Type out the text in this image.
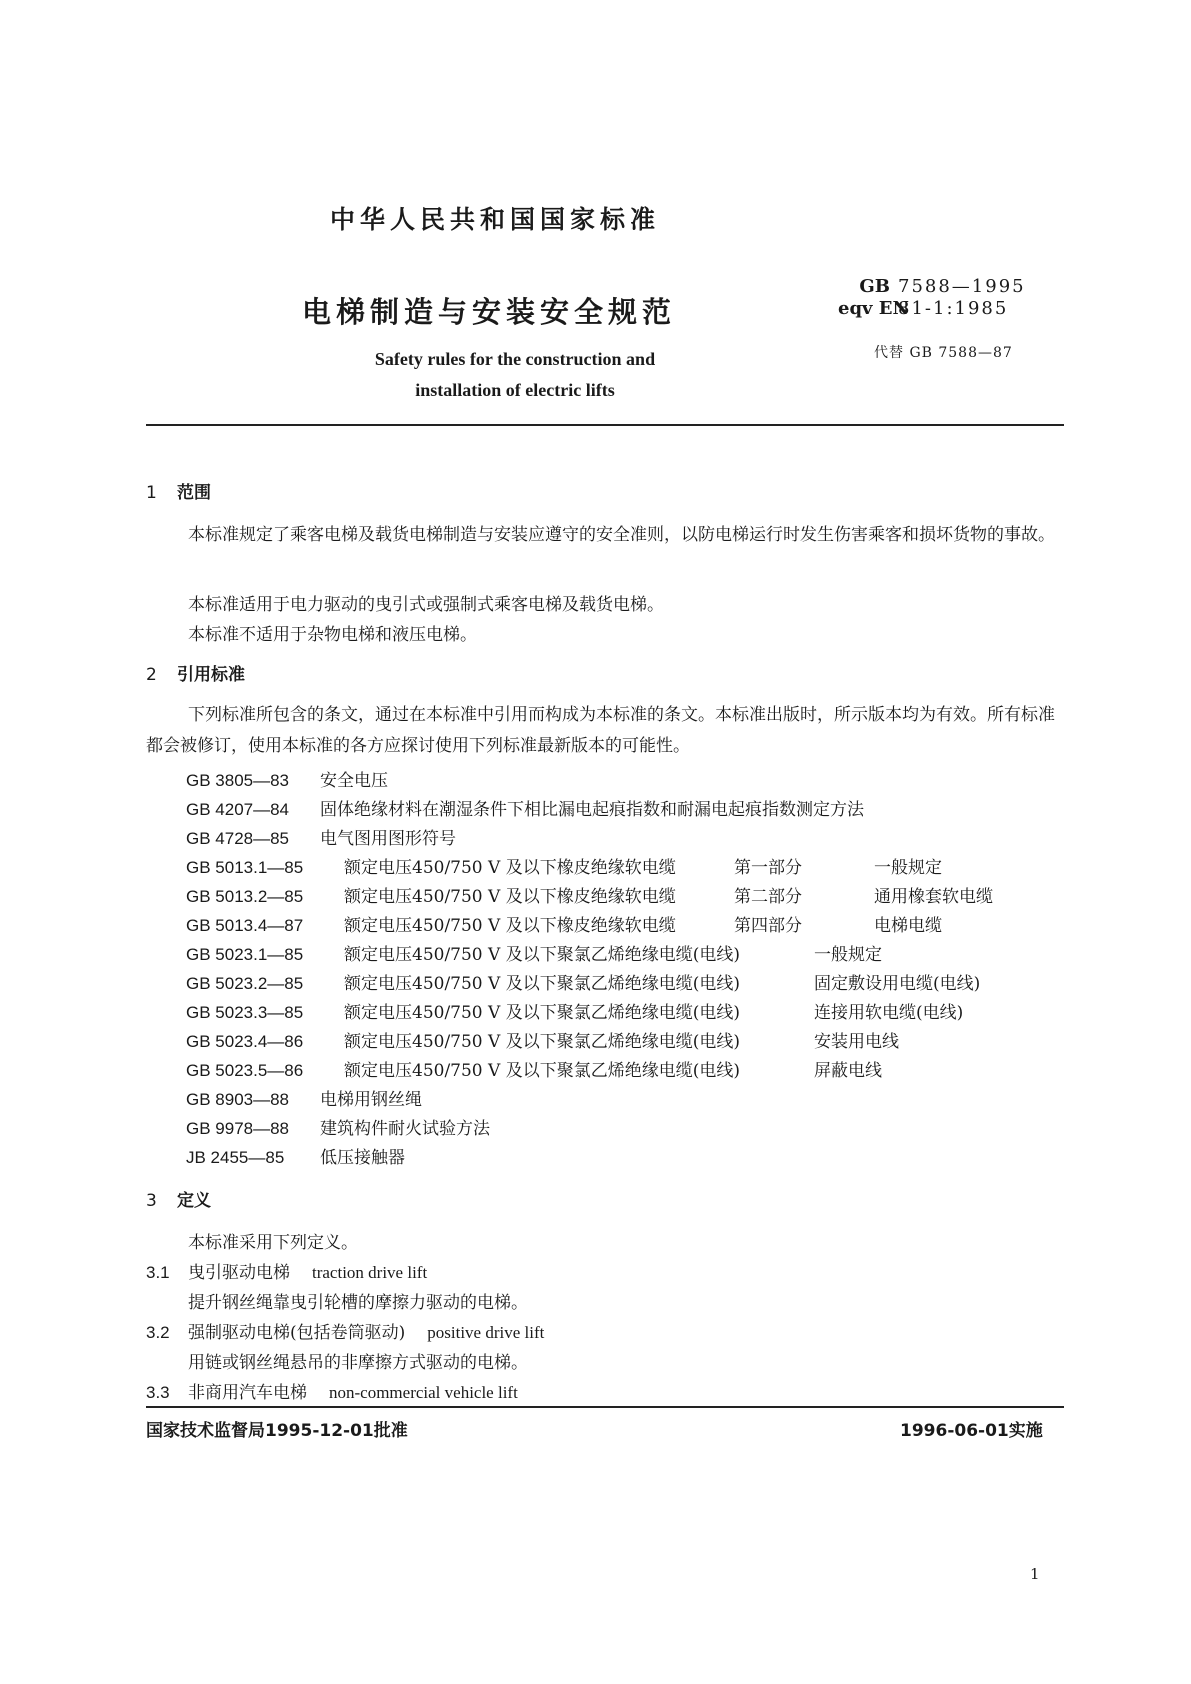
中华人民共和国国家标准
电梯制造与安装安全规范
Safety rules for the construction and
installation of electric lifts
GB 7588—1995
eqv EN81-1:1985
代替 GB 7588—87
1 范围
本标准规定了乘客电梯及载货电梯制造与安装应遵守的安全准则，以防电梯运行时发生伤害乘客和损坏货物的事故。
本标准适用于电力驱动的曳引式或强制式乘客电梯及载货电梯。
本标准不适用于杂物电梯和液压电梯。
2 引用标准
下列标准所包含的条文，通过在本标准中引用而构成为本标准的条文。本标准出版时，所示版本均为有效。所有标准都会被修订，使用本标准的各方应探讨使用下列标准最新版本的可能性。
GB 3805—83 安全电压
GB 4207—84 固体绝缘材料在潮湿条件下相比漏电起痕指数和耐漏电起痕指数测定方法
GB 4728—85 电气图用图形符号
GB 5013.1—85 额定电压450/750 V 及以下橡皮绝缘软电缆	第一部分	一般规定
GB 5013.2—85 额定电压450/750 V 及以下橡皮绝缘软电缆	第二部分	通用橡套软电缆
GB 5013.4—87 额定电压450/750 V 及以下橡皮绝缘软电缆	第四部分	电梯电缆
GB 5023.1—85 额定电压450/750 V 及以下聚氯乙烯绝缘电缆(电线)	一般规定
GB 5023.2—85 额定电压450/750 V 及以下聚氯乙烯绝缘电缆(电线)	固定敷设用电缆(电线)
GB 5023.3—85 额定电压450/750 V 及以下聚氯乙烯绝缘电缆(电线)	连接用软电缆(电线)
GB 5023.4—86 额定电压450/750 V 及以下聚氯乙烯绝缘电缆(电线)	安装用电线
GB 5023.5—86 额定电压450/750 V 及以下聚氯乙烯绝缘电缆(电线)	屏蔽电线
GB 8903—88 电梯用钢丝绳
GB 9978—88 建筑构件耐火试验方法
JB 2455—85 低压接触器
3 定义
本标准采用下列定义。
3.1 曳引驱动电梯 traction drive lift
提升钢丝绳靠曳引轮槽的摩擦力驱动的电梯。
3.2 强制驱动电梯(包括卷筒驱动) positive drive lift
用链或钢丝绳悬吊的非摩擦方式驱动的电梯。
3.3 非商用汽车电梯 non-commercial vehicle lift
国家技术监督局1995-12-01批准	1996-06-01实施
1
